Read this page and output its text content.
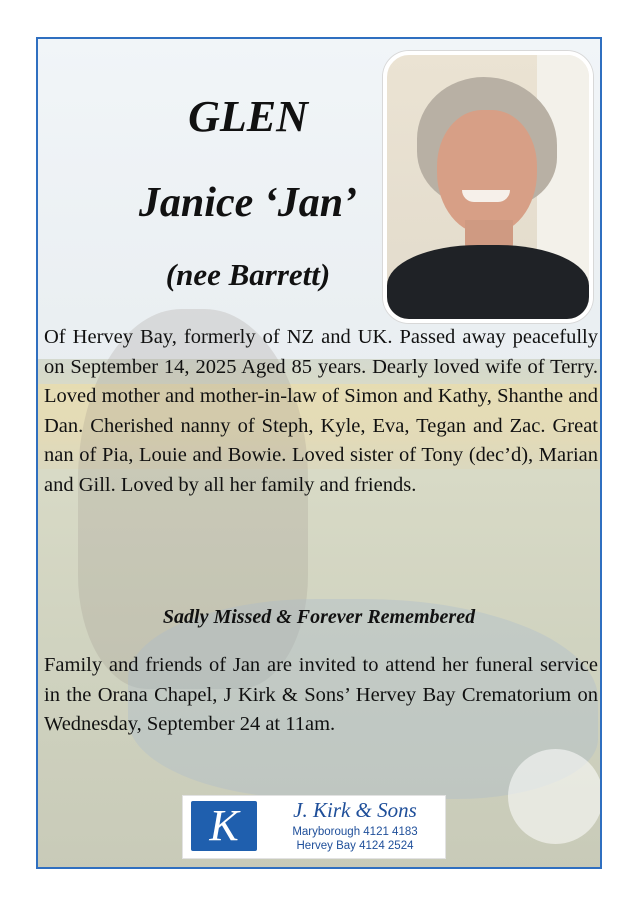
GLEN
Janice ‘Jan’
(nee Barrett)

Of Hervey Bay, formerly of NZ and UK. Passed away peacefully on September 14, 2025 Aged 85 years. Dearly loved wife of Terry. Loved mother and mother-in-law of Simon and Kathy, Shanthe and Dan. Cherished nanny of Steph, Kyle, Eva, Tegan and Zac. Great nan of Pia, Louie and Bowie. Loved sister of Tony (dec’d), Marian and Gill. Loved by all her family and friends.

Sadly Missed & Forever Remembered

Family and friends of Jan are invited to attend her funeral service in the Orana Chapel, J Kirk & Sons’ Hervey Bay Crematorium on Wednesday, September 24 at 11am.

K	J. Kirk & Sons
Maryborough 4121 4183
Hervey Bay 4124 2524
